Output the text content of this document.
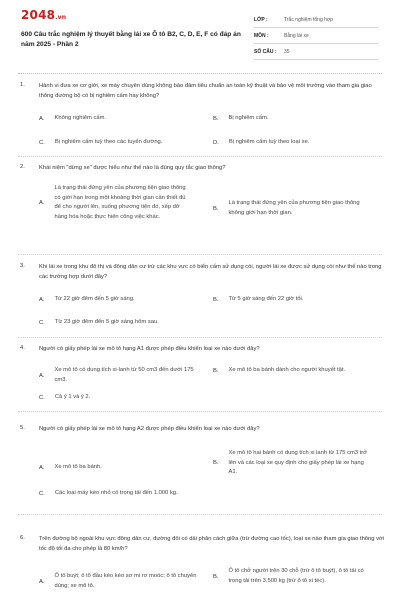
2048.vn
600 Câu trắc nghiệm lý thuyết bằng lái xe Ô tô B2, C, D, E, F có đáp án năm 2025 - Phần 2
LỚP :	Trắc nghiệm tổng hợp
MÔN :	Bằng lái xe
SỐ CÂU :	35
1. Hành vi đưa xe cơ giới, xe máy chuyên dùng không bảo đảm tiêu chuẩn an toàn kỹ thuật và bảo vệ môi trường vào tham gia giao thông đường bộ có bị nghiêm cấm hay không?
A. Không nghiêm cấm.	B. Bị nghiêm cấm.
C. Bị nghiêm cấm tuỳ theo các tuyến đường.	D. Bị nghiêm cấm tuỳ theo loại xe.
2. Khái niệm "dừng xe" được hiểu như thế nào là đúng quy tắc giao thông?
A.
Là trạng thái đứng yên của phương tiện giao thông có giới hạn trong một khoảng thời gian cần thiết đủ để cho người lên, xuống phương tiện đó, xếp dỡ hàng hóa hoặc thực hiện công việc khác.
B.
Là trạng thái đứng yên của phương tiện giao thông không giới hạn thời gian.
3. Khi lái xe trong khu đô thị và đông dân cư trừ các khu vực có biển cấm sử dụng còi, người lái xe được sử dụng còi như thế nào trong các trường hợp dưới đây?
A. Từ 22 giờ đêm đến 5 giờ sáng.	B. Từ 5 giờ sáng đến 22 giờ tối.
C. Từ 23 giờ đêm đến 5 giờ sáng hôm sau.
4. Người có giấy phép lái xe mô tô hạng A1 được phép điều khiển loại xe nào dưới đây?
A.
Xe mô tô có dung tích xi-lanh từ 50 cm3 đến dưới 175 cm3.
B. Xe mô tô ba bánh dành cho người khuyết tật.
C. Cả ý 1 và ý 2.
5. Người có giấy phép lái xe mô tô hạng A2 được phép điều khiển loại xe nào dưới đây?
A. Xe mô tô ba bánh.
B.
Xe mô tô hai bánh có dung tích xi lanh từ 175 cm3 trở lên và các loại xe quy định cho giấy phép lái xe hạng A1.
C. Các loại máy kéo nhỏ có trọng tải đến 1.000 kg.
6. Trên đường bộ ngoài khu vực đông dân cư, đường đôi có dải phân cách giữa (trừ đường cao tốc), loại xe nào tham gia giao thông với tốc độ tối đa cho phép là 80 km/h?
A.
Ô tô buýt; ô tô đầu kéo kéo sơ mi rơ moóc; ô tô chuyên dùng; xe mô tô.
B.
Ô tô chở người trên 30 chỗ (trừ ô tô buýt), ô tô tải có trọng tải trên 3.500 kg (trừ ô tô xi téc).
